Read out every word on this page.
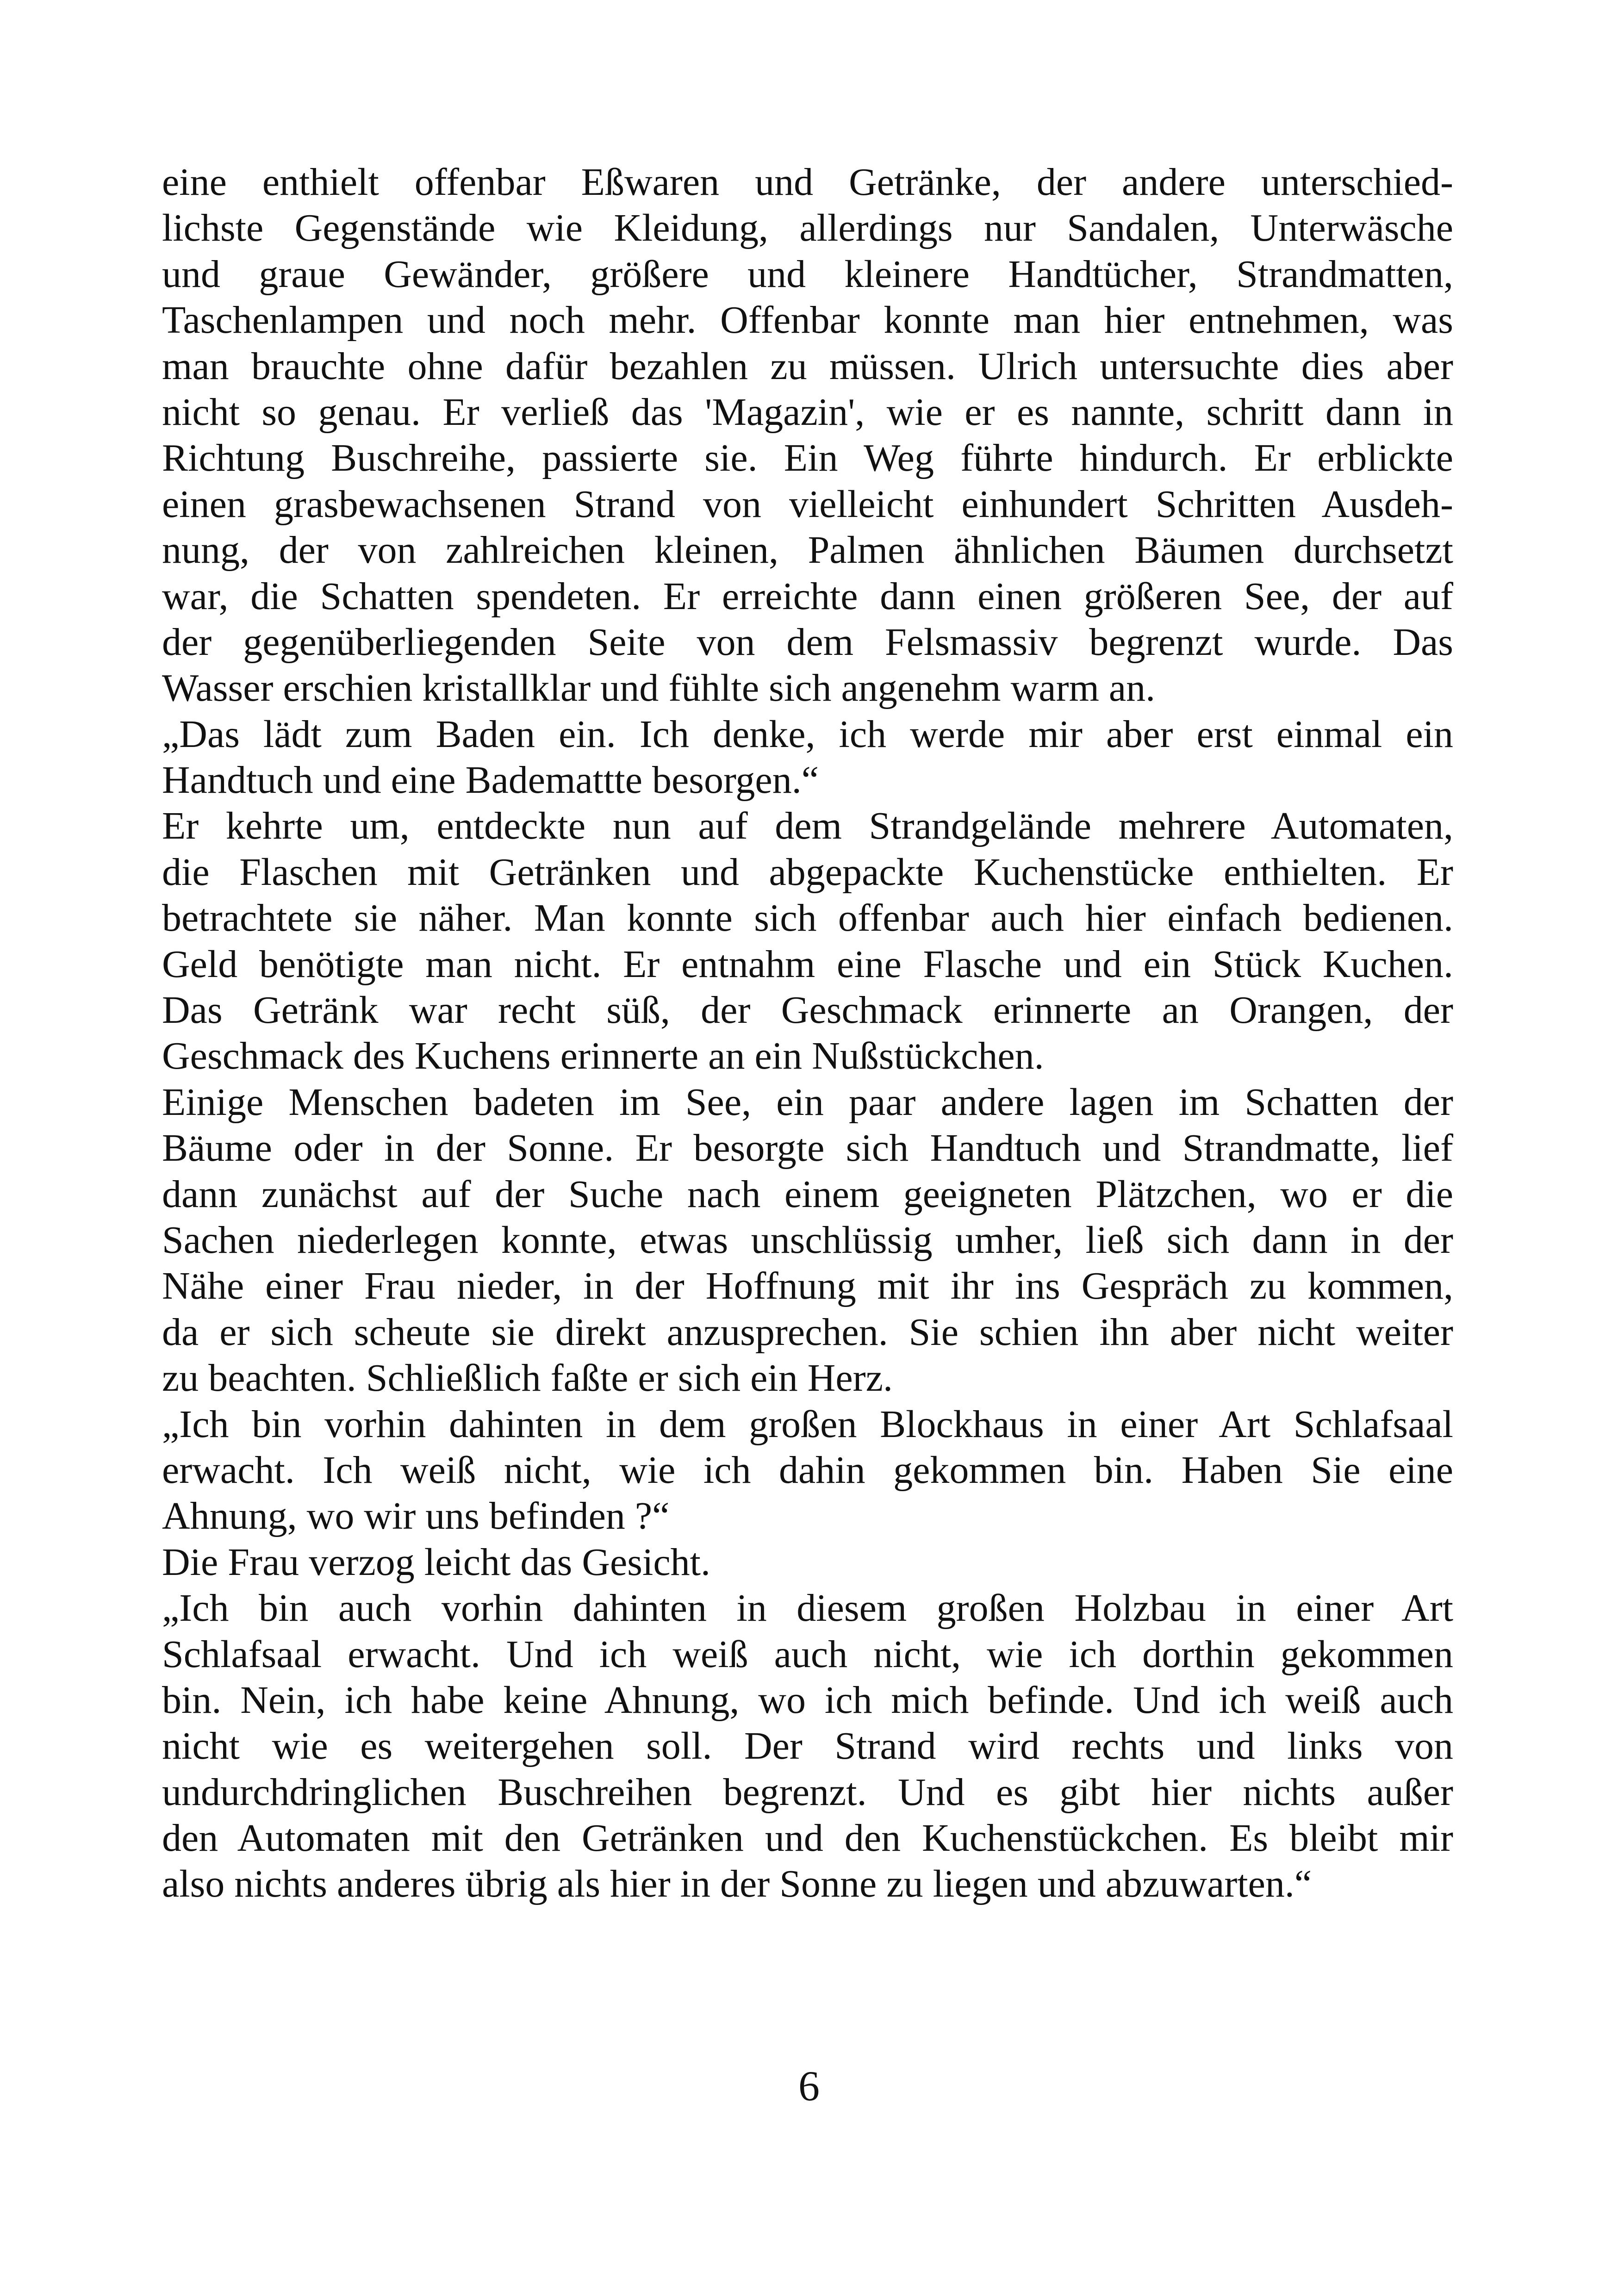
eine enthielt offenbar Eßwaren und Getränke, der andere unterschied-
lichste Gegenstände wie Kleidung, allerdings nur Sandalen, Unterwäsche
und graue Gewänder, größere und kleinere Handtücher, Strandmatten,
Taschenlampen und noch mehr. Offenbar konnte man hier entnehmen, was
man brauchte ohne dafür bezahlen zu müssen. Ulrich untersuchte dies aber
nicht so genau. Er verließ das 'Magazin', wie er es nannte, schritt dann in
Richtung Buschreihe, passierte sie. Ein Weg führte hindurch. Er erblickte
einen grasbewachsenen Strand von vielleicht einhundert Schritten Ausdeh-
nung, der von zahlreichen kleinen, Palmen ähnlichen Bäumen durchsetzt
war, die Schatten spendeten. Er erreichte dann einen größeren See, der auf
der gegenüberliegenden Seite von dem Felsmassiv begrenzt wurde. Das
Wasser erschien kristallklar und fühlte sich angenehm warm an.
„Das lädt zum Baden ein. Ich denke, ich werde mir aber erst einmal ein
Handtuch und eine Bademattte besorgen.“
Er kehrte um, entdeckte nun auf dem Strandgelände mehrere Automaten,
die Flaschen mit Getränken und abgepackte Kuchenstücke enthielten. Er
betrachtete sie näher. Man konnte sich offenbar auch hier einfach bedienen.
Geld benötigte man nicht. Er entnahm eine Flasche und ein Stück Kuchen.
Das Getränk war recht süß, der Geschmack erinnerte an Orangen, der
Geschmack des Kuchens erinnerte an ein Nußstückchen.
Einige Menschen badeten im See, ein paar andere lagen im Schatten der
Bäume oder in der Sonne. Er besorgte sich Handtuch und Strandmatte, lief
dann zunächst auf der Suche nach einem geeigneten Plätzchen, wo er die
Sachen niederlegen konnte, etwas unschlüssig umher, ließ sich dann in der
Nähe einer Frau nieder, in der Hoffnung mit ihr ins Gespräch zu kommen,
da er sich scheute sie direkt anzusprechen. Sie schien ihn aber nicht weiter
zu beachten. Schließlich faßte er sich ein Herz.
„Ich bin vorhin dahinten in dem großen Blockhaus in einer Art Schlafsaal
erwacht. Ich weiß nicht, wie ich dahin gekommen bin. Haben Sie eine
Ahnung, wo wir uns befinden ?“
Die Frau verzog leicht das Gesicht.
„Ich bin auch vorhin dahinten in diesem großen Holzbau in einer Art
Schlafsaal erwacht. Und ich weiß auch nicht, wie ich dorthin gekommen
bin. Nein, ich habe keine Ahnung, wo ich mich befinde. Und ich weiß auch
nicht wie es weitergehen soll. Der Strand wird rechts und links von
undurchdringlichen Buschreihen begrenzt. Und es gibt hier nichts außer
den Automaten mit den Getränken und den Kuchenstückchen. Es bleibt mir
also nichts anderes übrig als hier in der Sonne zu liegen und abzuwarten.“
6
